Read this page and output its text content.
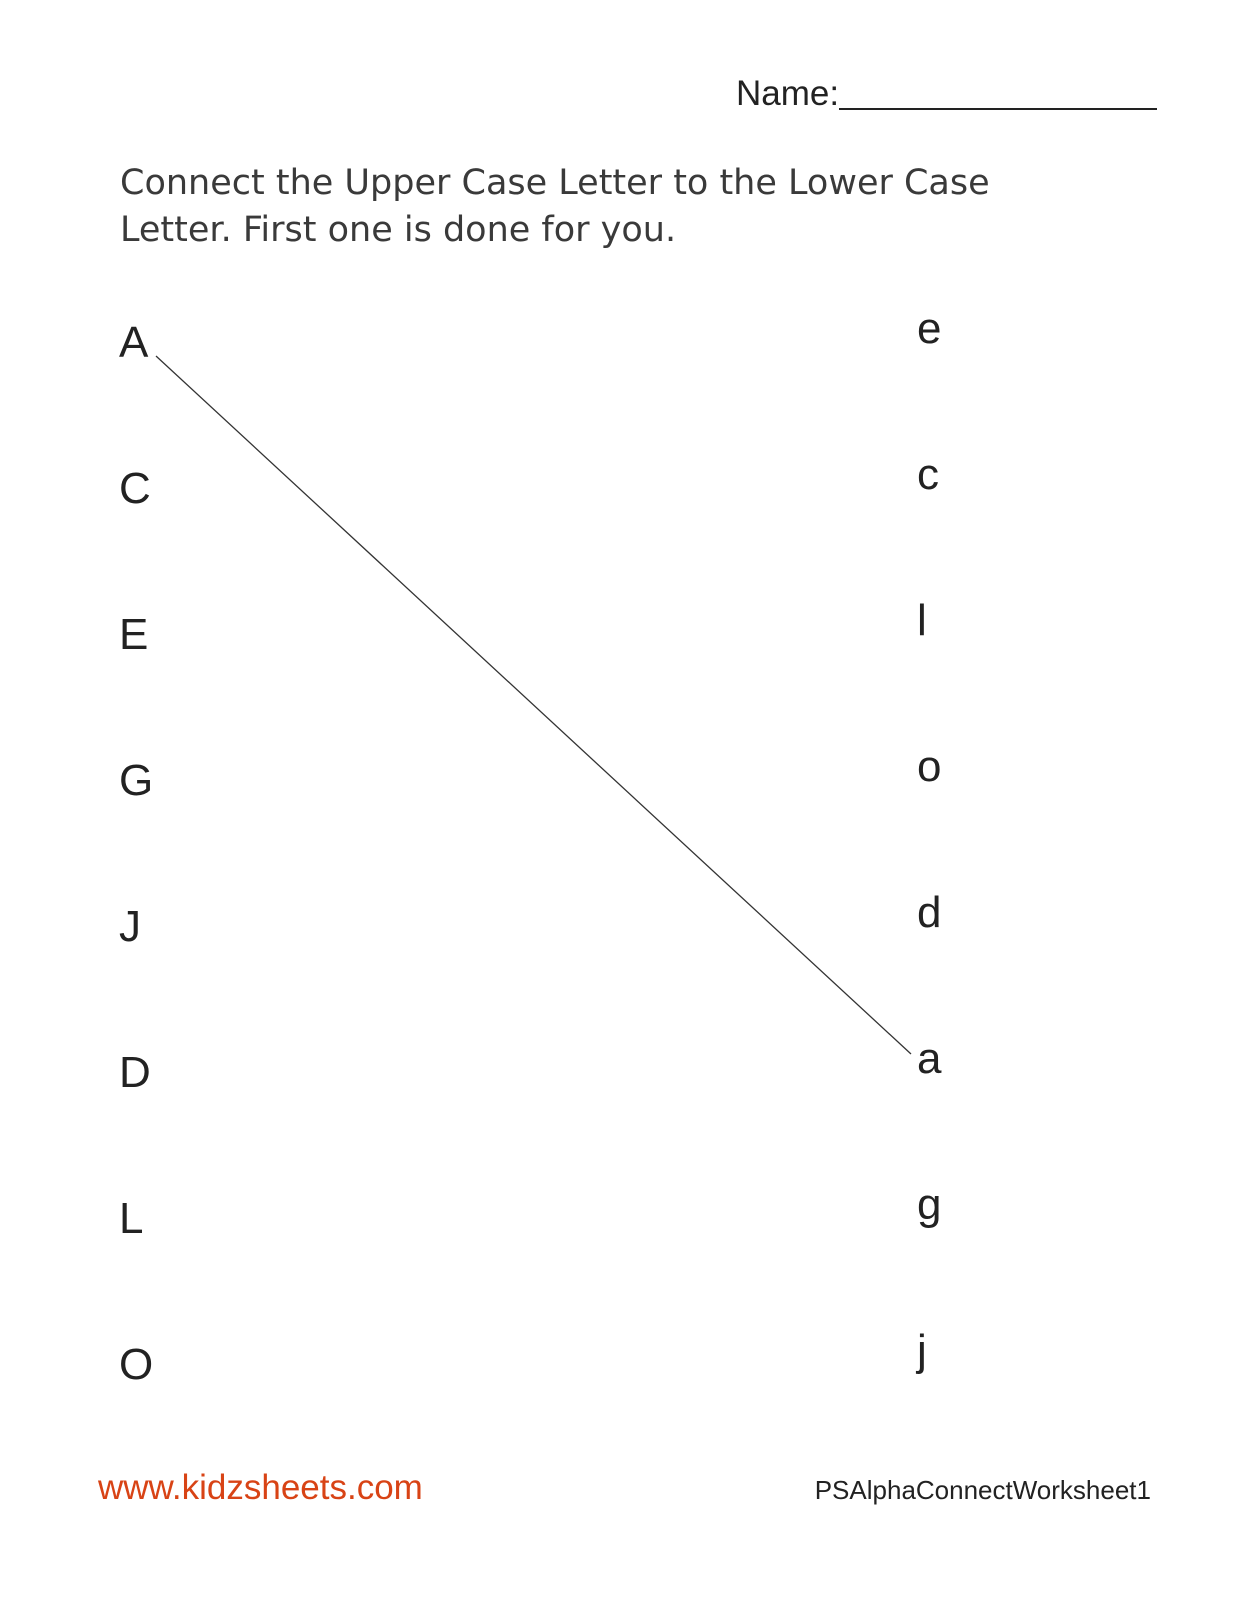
Name:

Connect the Upper Case Letter to the Lower Case
Letter. First one is done for you.

A
C
E
G
J
D
L
O
e
c
l
o
d
a
g
j
www.kidzsheets.com	PSAlphaConnectWorksheet1
